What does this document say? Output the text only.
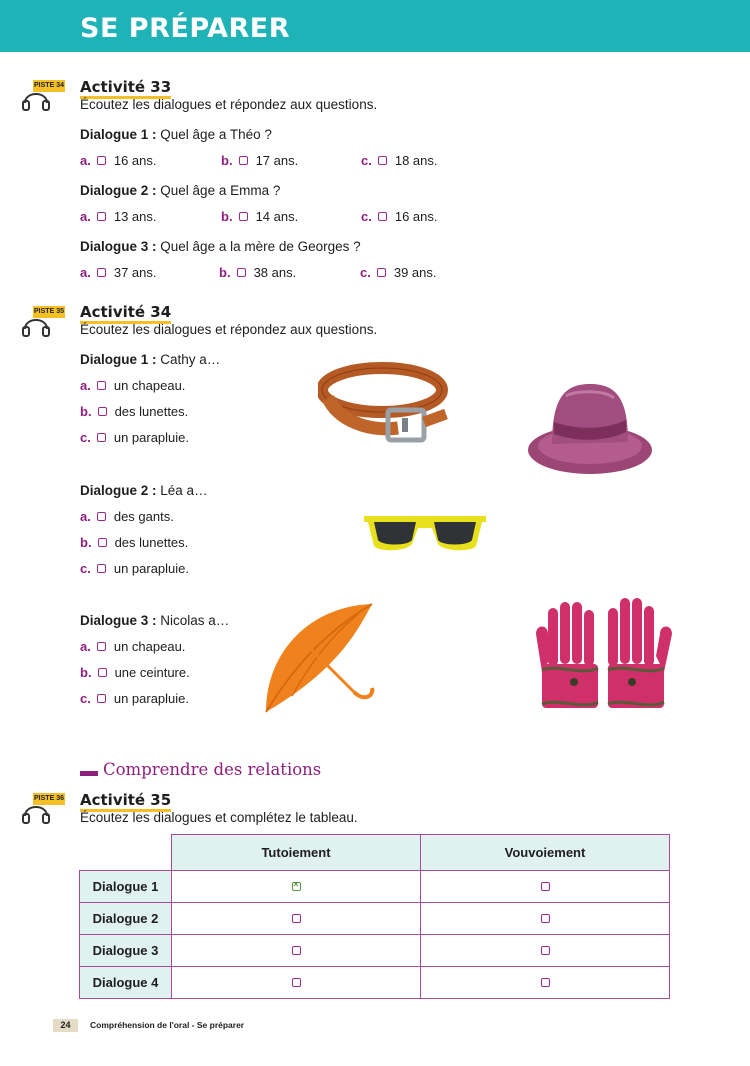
SE PRÉPARER
PISTE 34 Activité 33
Écoutez les dialogues et répondez aux questions.
Dialogue 1 : Quel âge a Théo ?
a. 16 ans.	b. 17 ans.	c. 18 ans.
Dialogue 2 : Quel âge a Emma ?
a. 13 ans.	b. 14 ans.	c. 16 ans.
Dialogue 3 : Quel âge a la mère de Georges ?
a. 37 ans.	b. 38 ans.	c. 39 ans.
PISTE 35 Activité 34
Écoutez les dialogues et répondez aux questions.
Dialogue 1 : Cathy a…
a. un chapeau.
b. des lunettes.
c. un parapluie.
Dialogue 2 : Léa a…
a. des gants.
b. des lunettes.
c. un parapluie.
Dialogue 3 : Nicolas a…
a. un chapeau.
b. une ceinture.
c. un parapluie.
Comprendre des relations
PISTE 36 Activité 35
Écoutez les dialogues et complétez le tableau.
	Tutoiement	Vouvoiement
Dialogue 1	✕	
Dialogue 2		
Dialogue 3		
Dialogue 4		
24	Compréhension de l'oral - Se préparer
